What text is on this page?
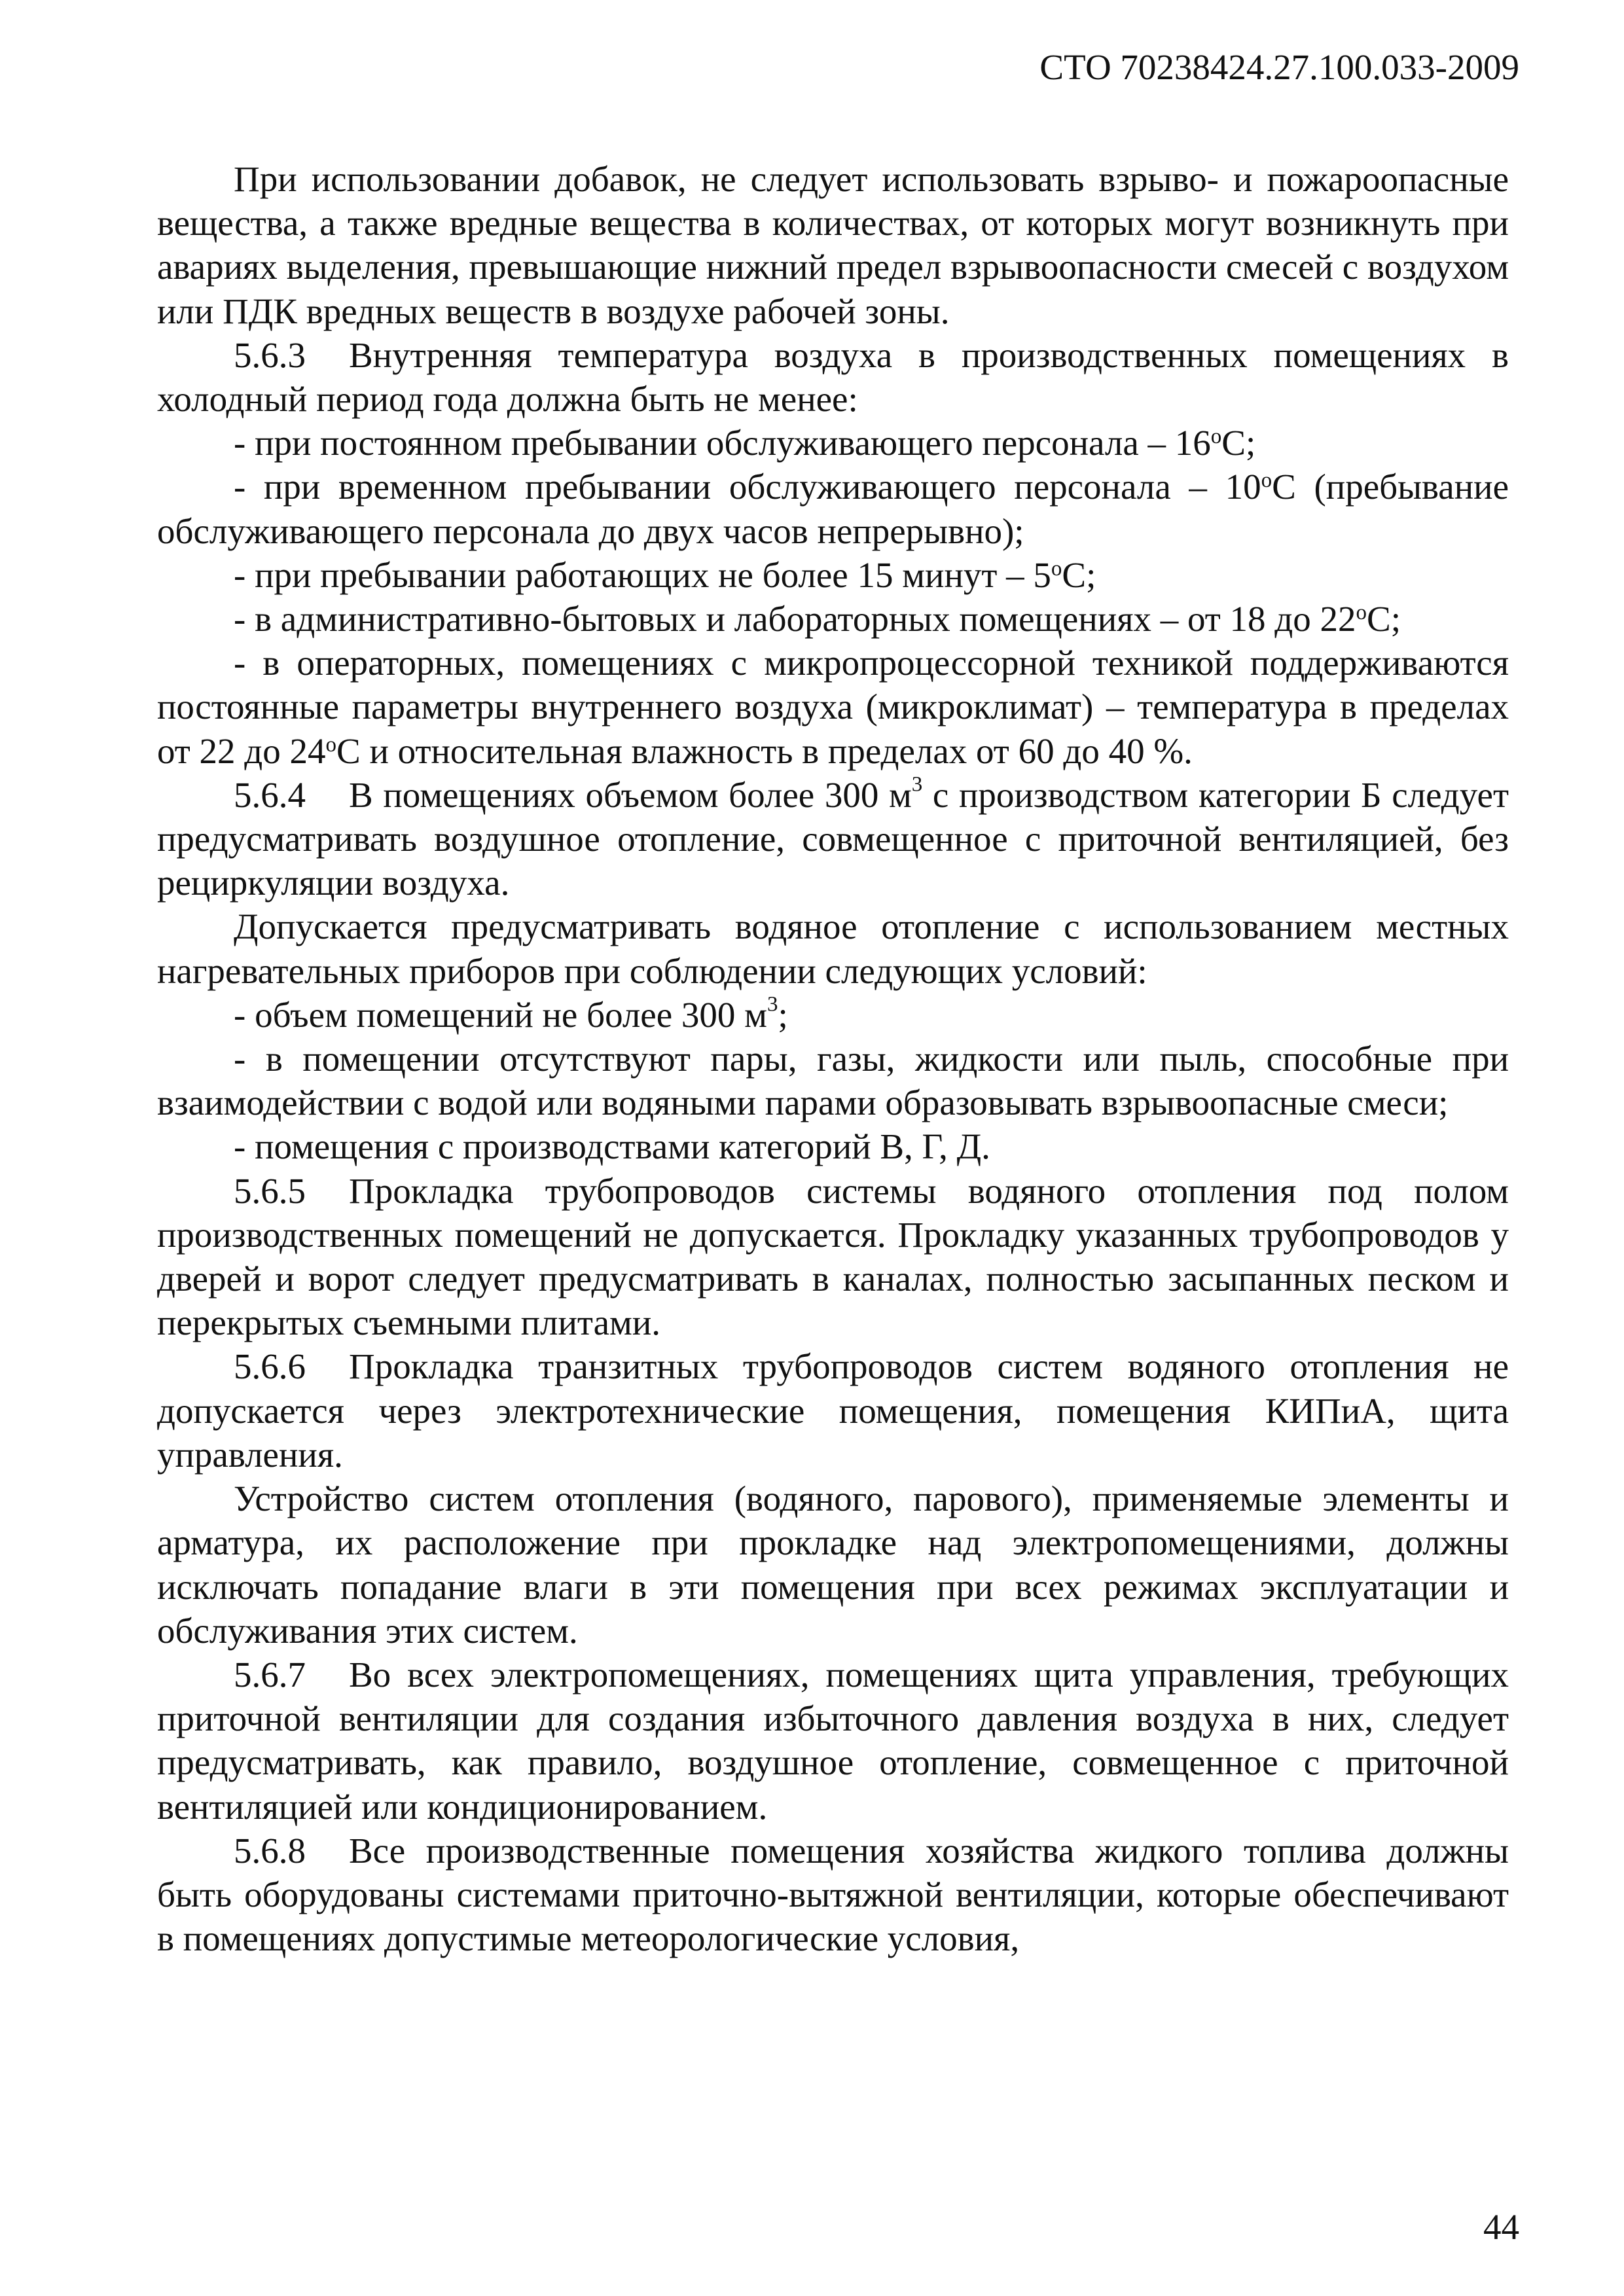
СТО 70238424.27.100.033-2009

При использовании добавок, не следует использовать взрыво- и пожароопасные вещества, а также вредные вещества в количествах, от которых могут возникнуть при авариях выделения, превышающие нижний предел взрывоопасности смесей с воздухом или ПДК вредных веществ в воздухе рабочей зоны.

5.6.3 Внутренняя температура воздуха в производственных помещениях в холодный период года должна быть не менее:

- при постоянном пребывании обслуживающего персонала – $16^оС$;

- при временном пребывании обслуживающего персонала – $10^оС$ (пребывание обслуживающего персонала до двух часов непрерывно);

- при пребывании работающих не более 15 минут – $5^оС$;

- в административно-бытовых и лабораторных помещениях – от 18 до $22^оС$;

- в операторных, помещениях с микропроцессорной техникой поддерживаются постоянные параметры внутреннего воздуха (микроклимат) – температура в пределах от 22 до $24^оС$ и относительная влажность в пределах от 60 до 40 %.

5.6.4 В помещениях объемом более 300 $м^3$ с производством категории Б следует предусматривать воздушное отопление, совмещенное с приточной вентиляцией, без рециркуляции воздуха.

Допускается предусматривать водяное отопление с использованием местных нагревательных приборов при соблюдении следующих условий:

- объем помещений не более 300 $м^3$;

- в помещении отсутствуют пары, газы, жидкости или пыль, способные при взаимодействии с водой или водяными парами образовывать взрывоопасные смеси;

- помещения с производствами категорий В, Г, Д.

5.6.5 Прокладка трубопроводов системы водяного отопления под полом производственных помещений не допускается. Прокладку указанных трубопроводов у дверей и ворот следует предусматривать в каналах, полностью засыпанных песком и перекрытых съемными плитами.

5.6.6 Прокладка транзитных трубопроводов систем водяного отопления не допускается через электротехнические помещения, помещения КИПиА, щита управления.

Устройство систем отопления (водяного, парового), применяемые элементы и арматура, их расположение при прокладке над электропомещениями, должны исключать попадание влаги в эти помещения при всех режимах эксплуатации и обслуживания этих систем.

5.6.7 Во всех электропомещениях, помещениях щита управления, требующих приточной вентиляции для создания избыточного давления воздуха в них, следует предусматривать, как правило, воздушное отопление, совмещенное с приточной вентиляцией или кондиционированием.

5.6.8 Все производственные помещения хозяйства жидкого топлива должны быть оборудованы системами приточно-вытяжной вентиляции, которые обеспечивают в помещениях допустимые метеорологические условия,

44
